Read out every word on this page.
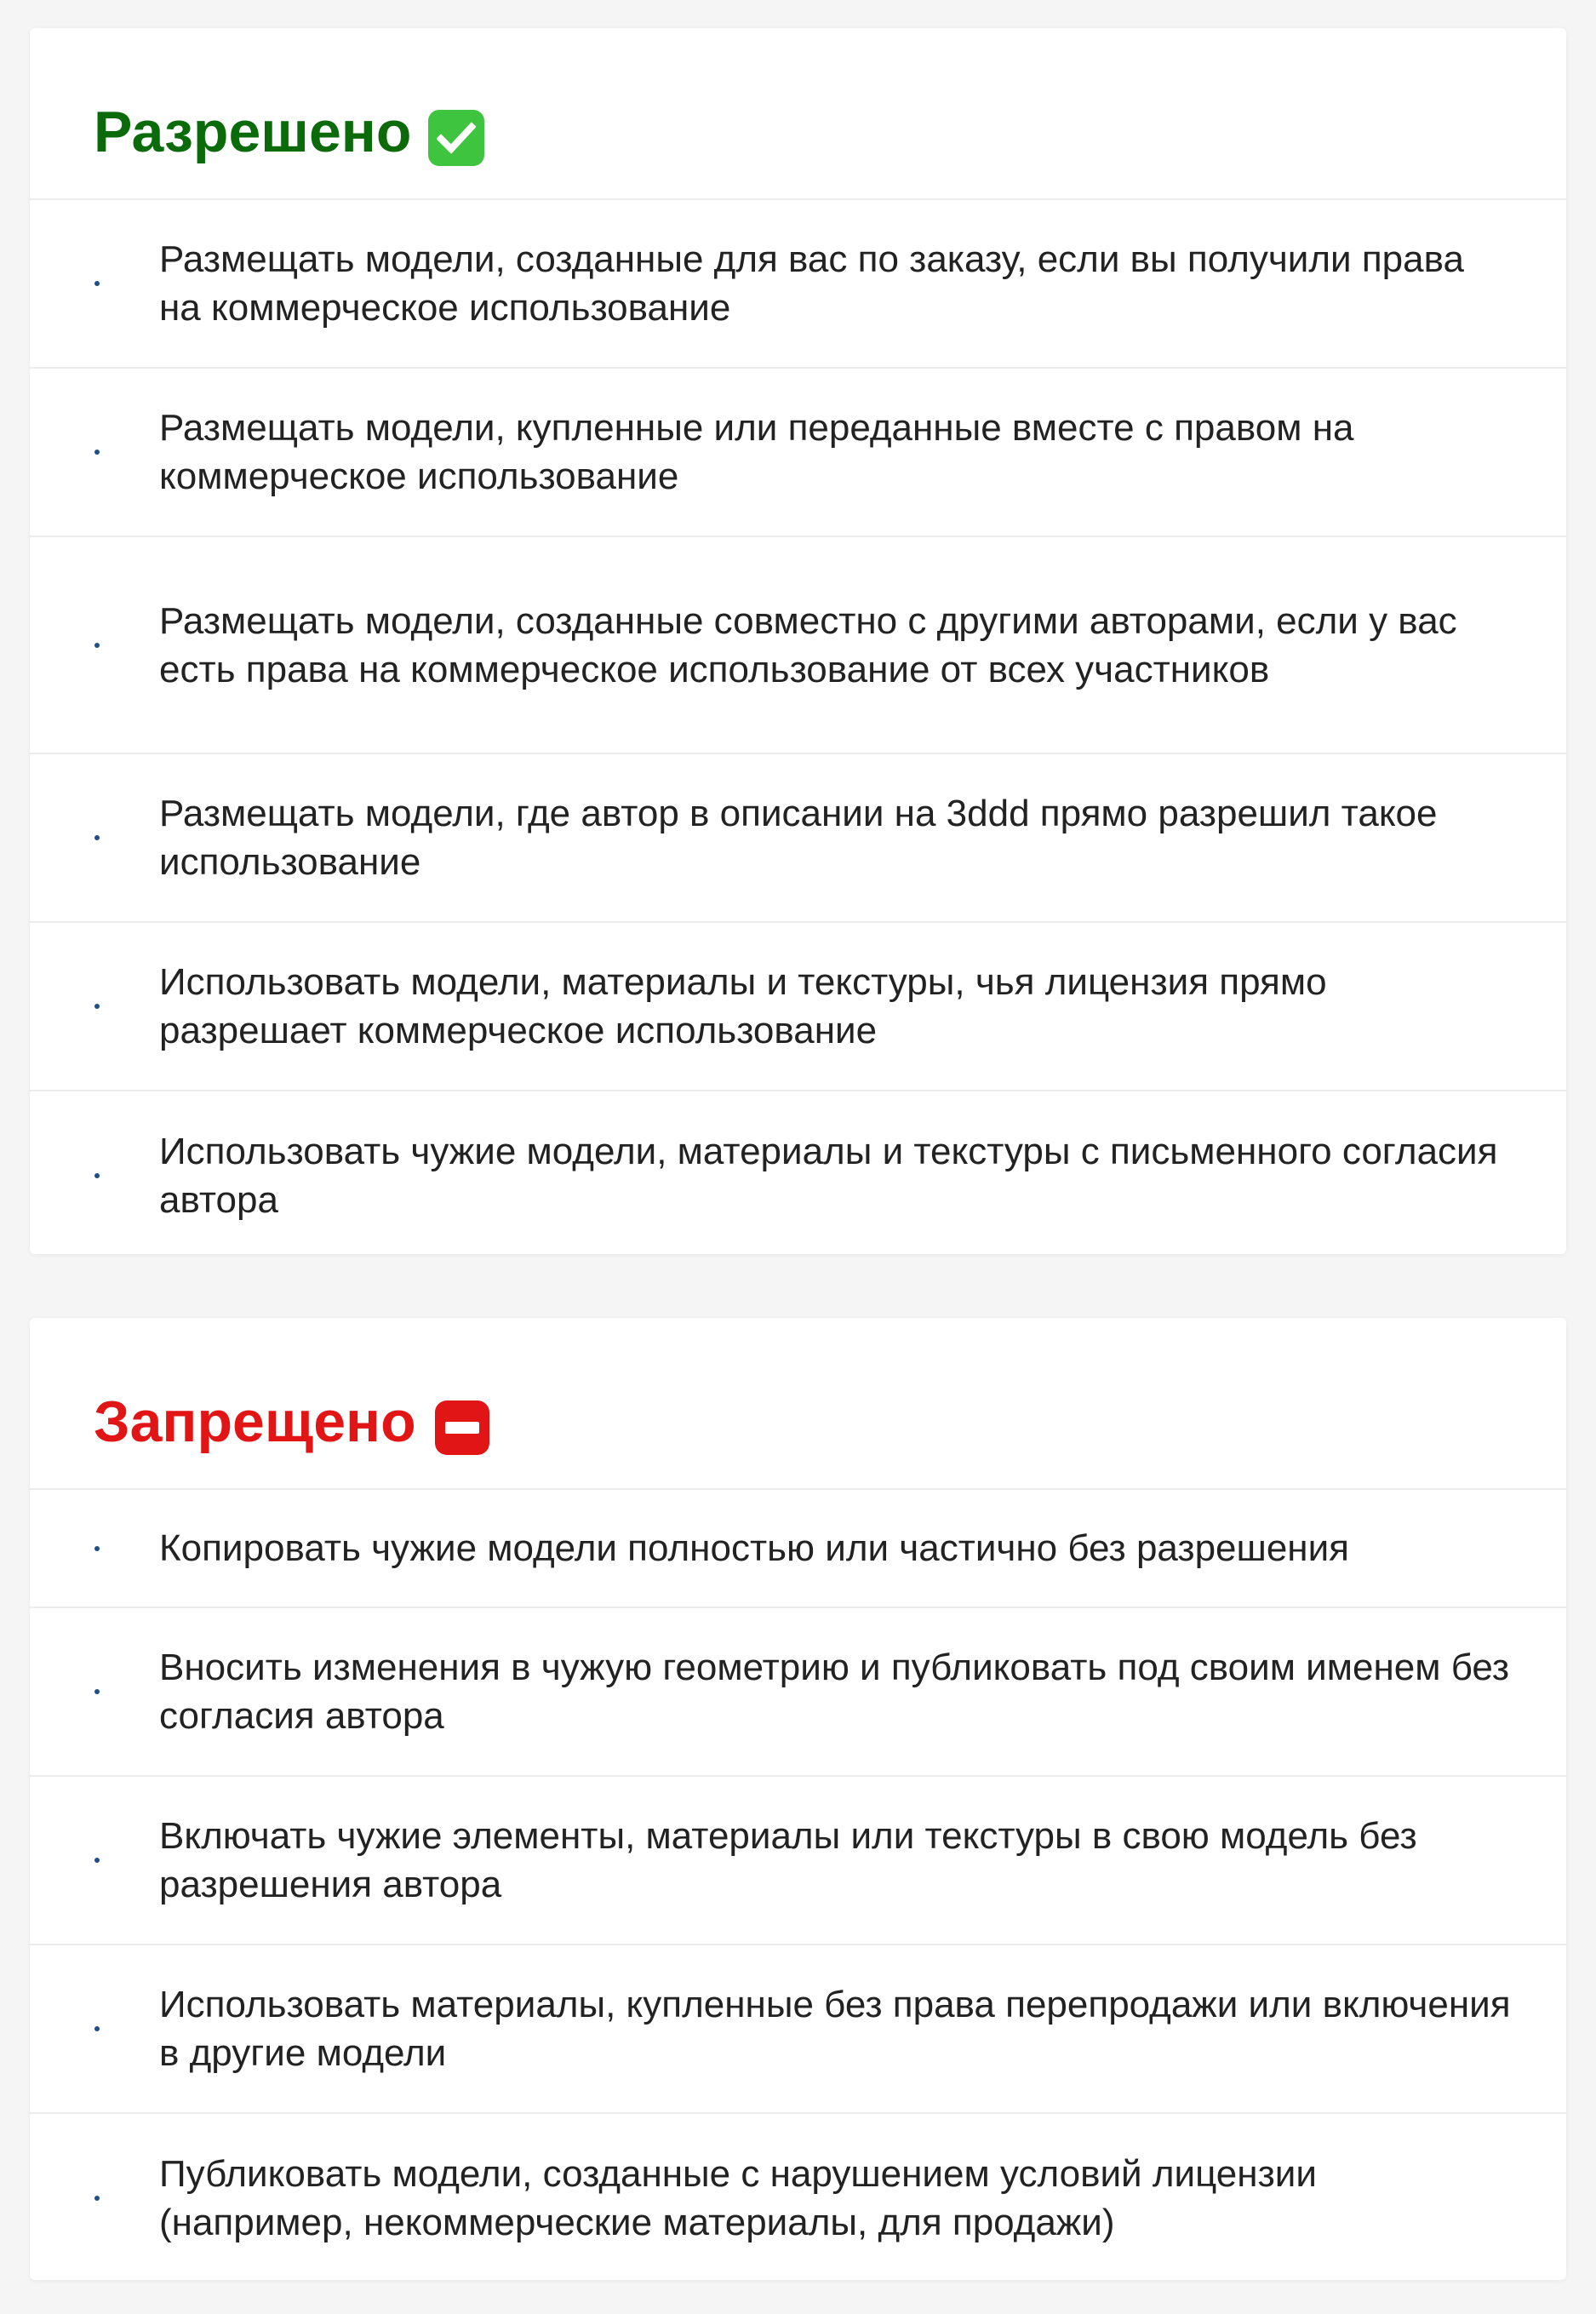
Разрешено
Размещать модели, созданные для вас по заказу, если вы получили права на коммерческое использование
Размещать модели, купленные или переданные вместе с правом на коммерческое использование
Размещать модели, созданные совместно с другими авторами, если у вас есть права на коммерческое использование от всех участников
Размещать модели, где автор в описании на 3ddd прямо разрешил такое использование
Использовать модели, материалы и текстуры, чья лицензия прямо разрешает коммерческое использование
Использовать чужие модели, материалы и текстуры с письменного согласия автора
Запрещено
Копировать чужие модели полностью или частично без разрешения
Вносить изменения в чужую геометрию и публиковать под своим именем без согласия автора
Включать чужие элементы, материалы или текстуры в свою модель без разрешения автора
Использовать материалы, купленные без права перепродажи или включения в другие модели
Публиковать модели, созданные с нарушением условий лицензии (например, некоммерческие материалы, для продажи)
